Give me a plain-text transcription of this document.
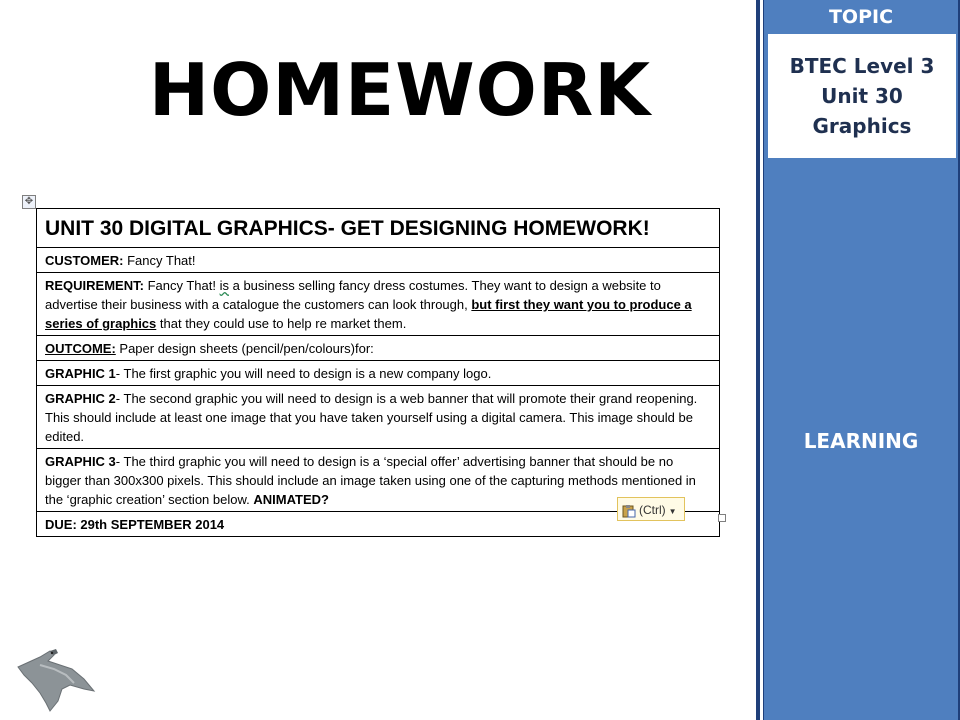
HOMEWORK
TOPIC
BTEC Level 3
Unit 30
Graphics
LEARNING
✥
UNIT 30 DIGITAL GRAPHICS- GET DESIGNING HOMEWORK!
CUSTOMER: Fancy That!
REQUIREMENT: Fancy That! is a business selling fancy dress costumes. They want to design a website to advertise their business with a catalogue the customers can look through, but first they want you to produce a series of graphics that they could use to help re market them.
OUTCOME: Paper design sheets (pencil/pen/colours)for:
GRAPHIC 1- The first graphic you will need to design is a new company logo.
GRAPHIC 2- The second graphic you will need to design is a web banner that will promote their grand reopening. This should include at least one image that you have taken yourself using a digital camera. This image should be edited.
GRAPHIC 3- The third graphic you will need to design is a ‘special offer’ advertising banner that should be no bigger than 300x300 pixels. This should include an image taken using one of the capturing methods mentioned in the ‘graphic creation’ section below. ANIMATED?
DUE: 29th SEPTEMBER 2014
(Ctrl) ▼
